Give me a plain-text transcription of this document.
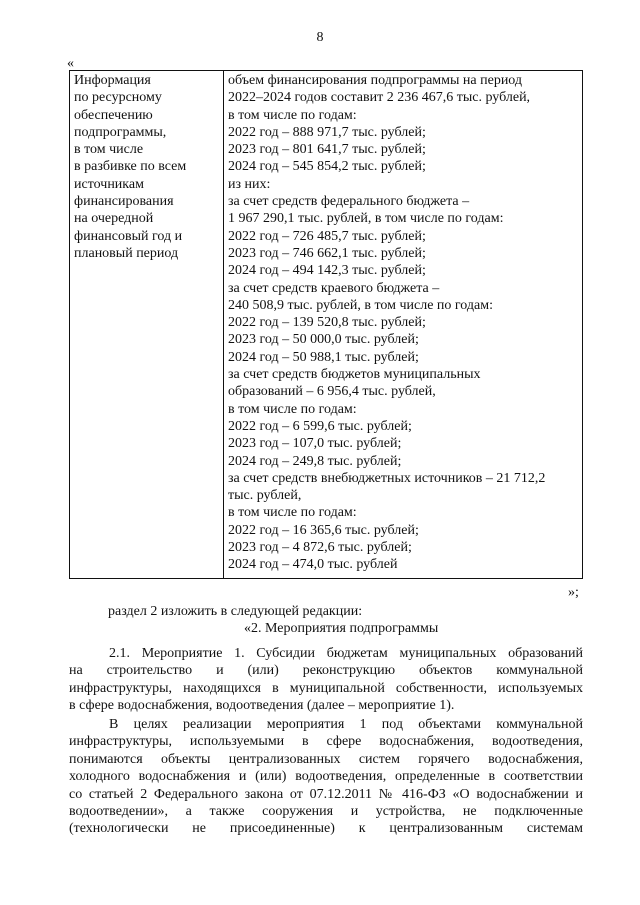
8
«
Информация
по ресурсному
обеспечению
подпрограммы,
в том числе
в разбивке по всем
источникам
финансирования
на очередной
финансовый год и
плановый период

объем финансирования подпрограммы на период
2022–2024 годов составит 2 236 467,6 тыс. рублей,
в том числе по годам:
2022 год – 888 971,7 тыс. рублей;
2023 год – 801 641,7 тыс. рублей;
2024 год – 545 854,2 тыс. рублей;
из них:
за счет средств федерального бюджета –
1 967 290,1 тыс. рублей, в том числе по годам:
2022 год – 726 485,7 тыс. рублей;
2023 год – 746 662,1 тыс. рублей;
2024 год – 494 142,3 тыс. рублей;
за счет средств краевого бюджета –
240 508,9 тыс. рублей, в том числе по годам:
2022 год – 139 520,8 тыс. рублей;
2023 год – 50 000,0 тыс. рублей;
2024 год – 50 988,1 тыс. рублей;
за счет средств бюджетов муниципальных
образований – 6 956,4 тыс. рублей,
в том числе по годам:
2022 год – 6 599,6 тыс. рублей;
2023 год – 107,0 тыс. рублей;
2024 год – 249,8 тыс. рублей;
за счет средств внебюджетных источников – 21 712,2
тыс. рублей,
в том числе по годам:
2022 год – 16 365,6 тыс. рублей;
2023 год – 4 872,6 тыс. рублей;
2024 год – 474,0 тыс. рублей
»;
раздел 2 изложить в следующей редакции:
«2. Мероприятия подпрограммы
2.1. Мероприятие 1. Субсидии бюджетам муниципальных образований
на строительство и (или) реконструкцию объектов коммунальной
инфраструктуры, находящихся в муниципальной собственности, используемых
в сфере водоснабжения, водоотведения (далее – мероприятие 1).
В целях реализации мероприятия 1 под объектами коммунальной
инфраструктуры, используемыми в сфере водоснабжения, водоотведения,
понимаются объекты централизованных систем горячего водоснабжения,
холодного водоснабжения и (или) водоотведения, определенные в соответствии
со статьей 2 Федерального закона от 07.12.2011 № 416-ФЗ «О водоснабжении и
водоотведении», а также сооружения и устройства, не подключенные
(технологически не присоединенные) к централизованным системам
